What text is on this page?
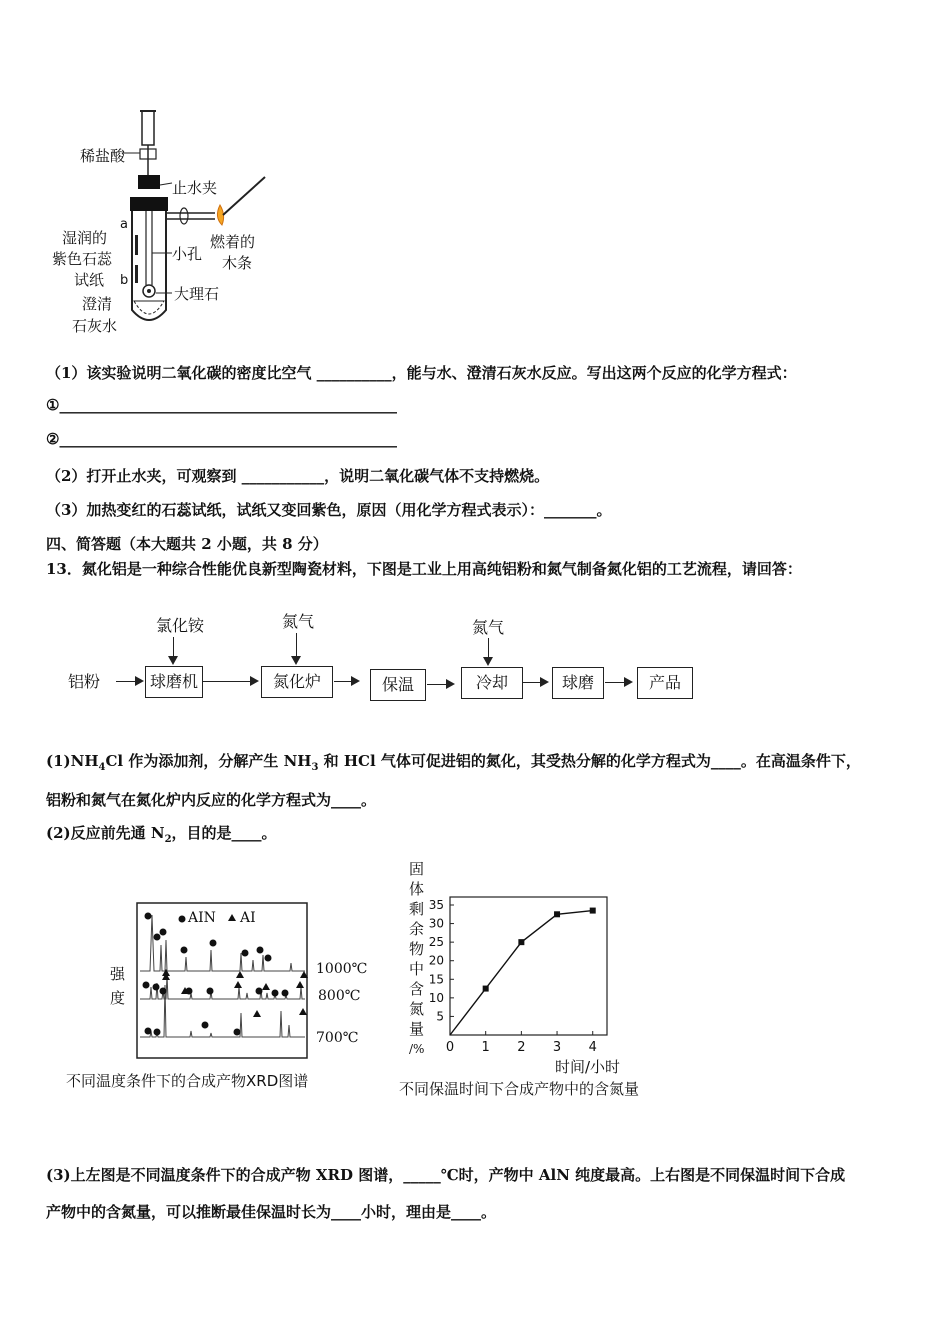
稀盐酸
止水夹
湿润的
紫色石蕊
试纸
a
b
小孔
燃着的
木条
大理石
澄清
石灰水
（1）该实验说明二氧化碳的密度比空气 __________，能与水、澄清石灰水反应。写出这两个反应的化学方程式：
①_____________________________________________
②_____________________________________________
（2）打开止水夹，可观察到 ___________，说明二氧化碳气体不支持燃烧。
（3）加热变红的石蕊试纸，试纸又变回紫色，原因（用化学方程式表示）：_______。
四、简答题（本大题共 2 小题，共 8 分）
13．氮化铝是一种综合性能优良新型陶瓷材料，下图是工业上用高纯铝粉和氮气制备氮化铝的工艺流程，请回答：
铝粉	球磨机	氮化炉	保温	冷却	球磨	产品
氯化铵	氮气	氮气
$(1)NH_4Cl$ 作为添加剂，分解产生 $NH_3$ 和 HCl 气体可促进铝的氮化，其受热分解的化学方程式为____。在高温条件下，
铝粉和氮气在氮化炉内反应的化学方程式为____。
(2)反应前先通 $N_2$，目的是____。
AIN AI
强
度
1000℃
800℃
700℃
不同温度条件下的合成产物XRD图谱
固
体
剩
余
物
中
含
氮
量
/%
5
10
15
20
25
30
35
0 1 2 3 4
时间/小时
不同保温时间下合成产物中的含氮量
(3)上左图是不同温度条件下的合成产物 XRD 图谱，_____℃时，产物中 AlN 纯度最高。上右图是不同保温时间下合成
产物中的含氮量，可以推断最佳保温时长为____小时，理由是____。
